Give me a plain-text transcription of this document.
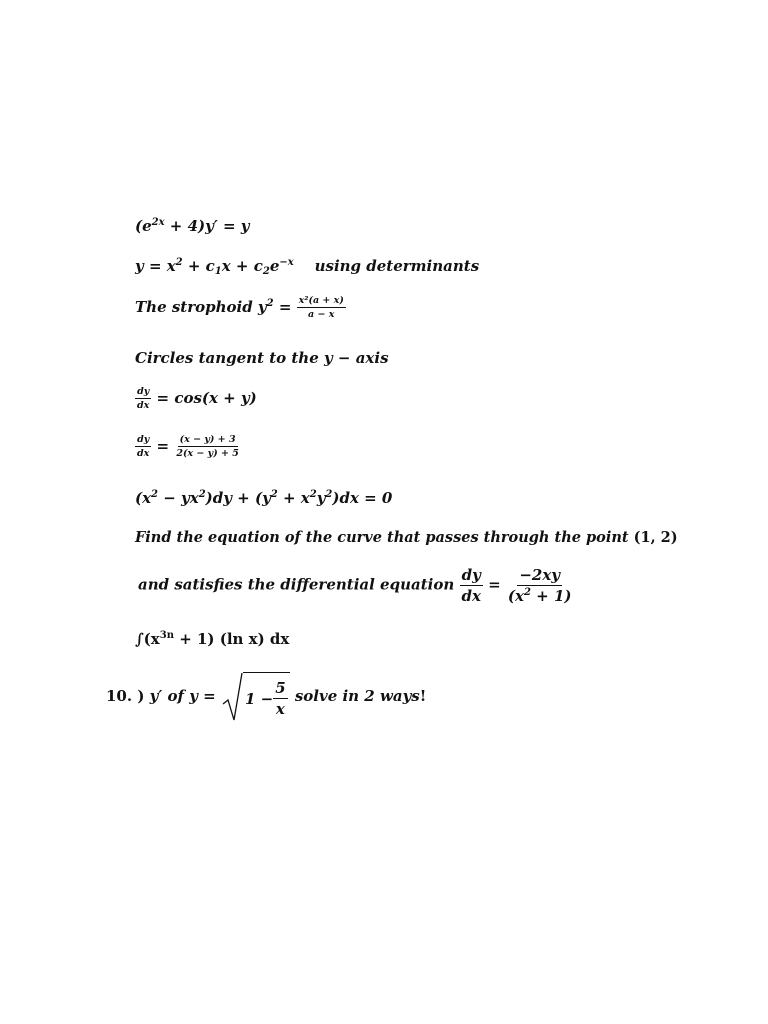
$(e^{2x} + 4)y' = y$
$y = x^2 + c_1x + c_2e^{-x}$    using determinants
The strophoid $y^2 = \frac{\text{x²(a + x)}}{a - x}$
Circles tangent to the y − axis
$\frac{dy}{dx} = \cos(x + y)$
$\frac{dy}{dx} = \frac{(x - y) + 3}{2(x - y) + 5}$
$(x^2 - yx^2)dy + (y^2 + x^2y^2)dx = 0$
Find the equation of the curve that passes through the point (1, 2)
and satisfies the differential equation $\frac{dy}{dx} = \frac{-2xy}{(x^2 + 1)}$
$\int(x^{3n} + 1)$ (ln x) dx
10. ) y′ of $y = 1 - \frac{5}{x}$ solve in 2 ways!
